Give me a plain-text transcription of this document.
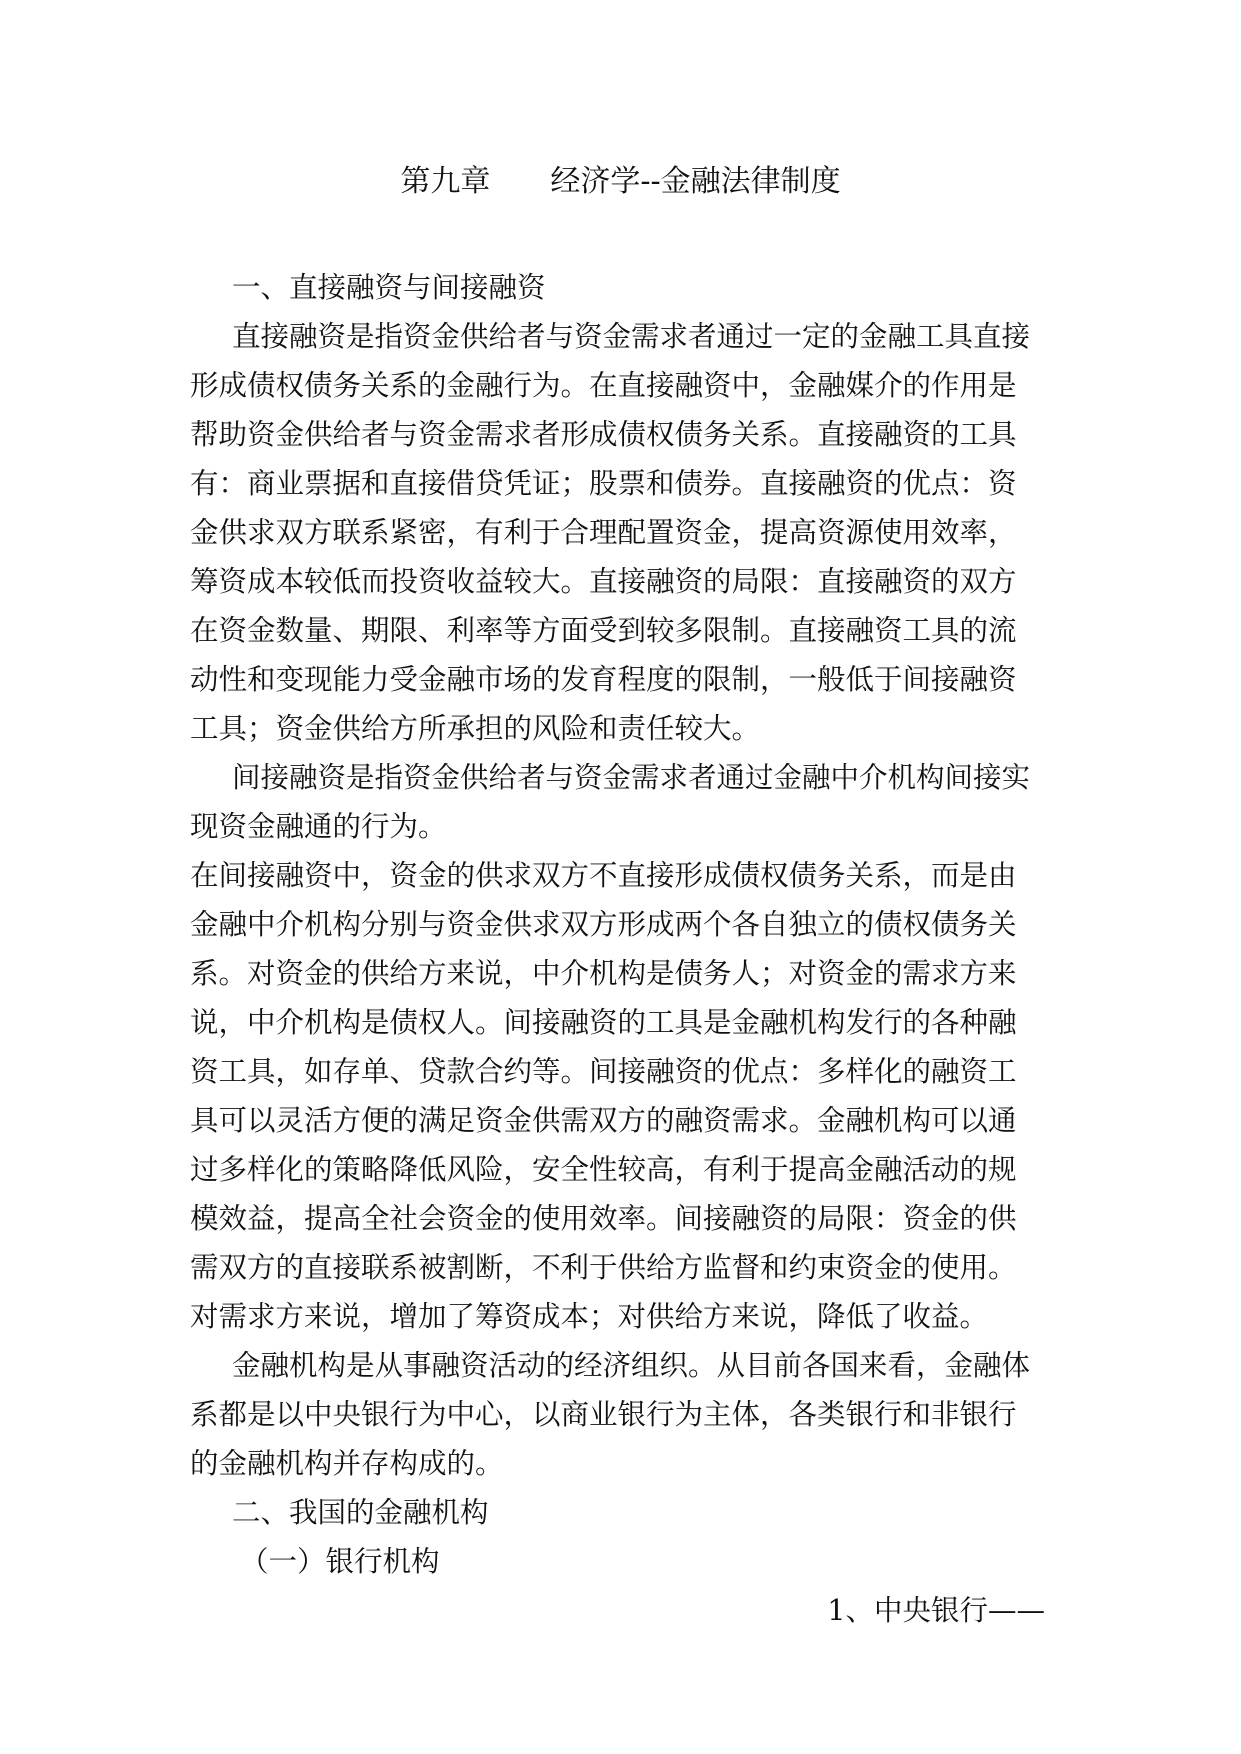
第九章　　经济学--金融法律制度
一、直接融资与间接融资
直接融资是指资金供给者与资金需求者通过一定的金融工具直接
形成债权债务关系的金融行为。在直接融资中，金融媒介的作用是
帮助资金供给者与资金需求者形成债权债务关系。直接融资的工具
有：商业票据和直接借贷凭证；股票和债券。直接融资的优点：资
金供求双方联系紧密，有利于合理配置资金，提高资源使用效率，
筹资成本较低而投资收益较大。直接融资的局限：直接融资的双方
在资金数量、期限、利率等方面受到较多限制。直接融资工具的流
动性和变现能力受金融市场的发育程度的限制，一般低于间接融资
工具；资金供给方所承担的风险和责任较大。
间接融资是指资金供给者与资金需求者通过金融中介机构间接实
现资金融通的行为。
在间接融资中，资金的供求双方不直接形成债权债务关系，而是由
金融中介机构分别与资金供求双方形成两个各自独立的债权债务关
系。对资金的供给方来说，中介机构是债务人；对资金的需求方来
说，中介机构是债权人。间接融资的工具是金融机构发行的各种融
资工具，如存单、贷款合约等。间接融资的优点：多样化的融资工
具可以灵活方便的满足资金供需双方的融资需求。金融机构可以通
过多样化的策略降低风险，安全性较高，有利于提高金融活动的规
模效益，提高全社会资金的使用效率。间接融资的局限：资金的供
需双方的直接联系被割断，不利于供给方监督和约束资金的使用。
对需求方来说，增加了筹资成本；对供给方来说，降低了收益。
金融机构是从事融资活动的经济组织。从目前各国来看，金融体
系都是以中央银行为中心，以商业银行为主体，各类银行和非银行
的金融机构并存构成的。
二、我国的金融机构
（一）银行机构
1、中央银行——
